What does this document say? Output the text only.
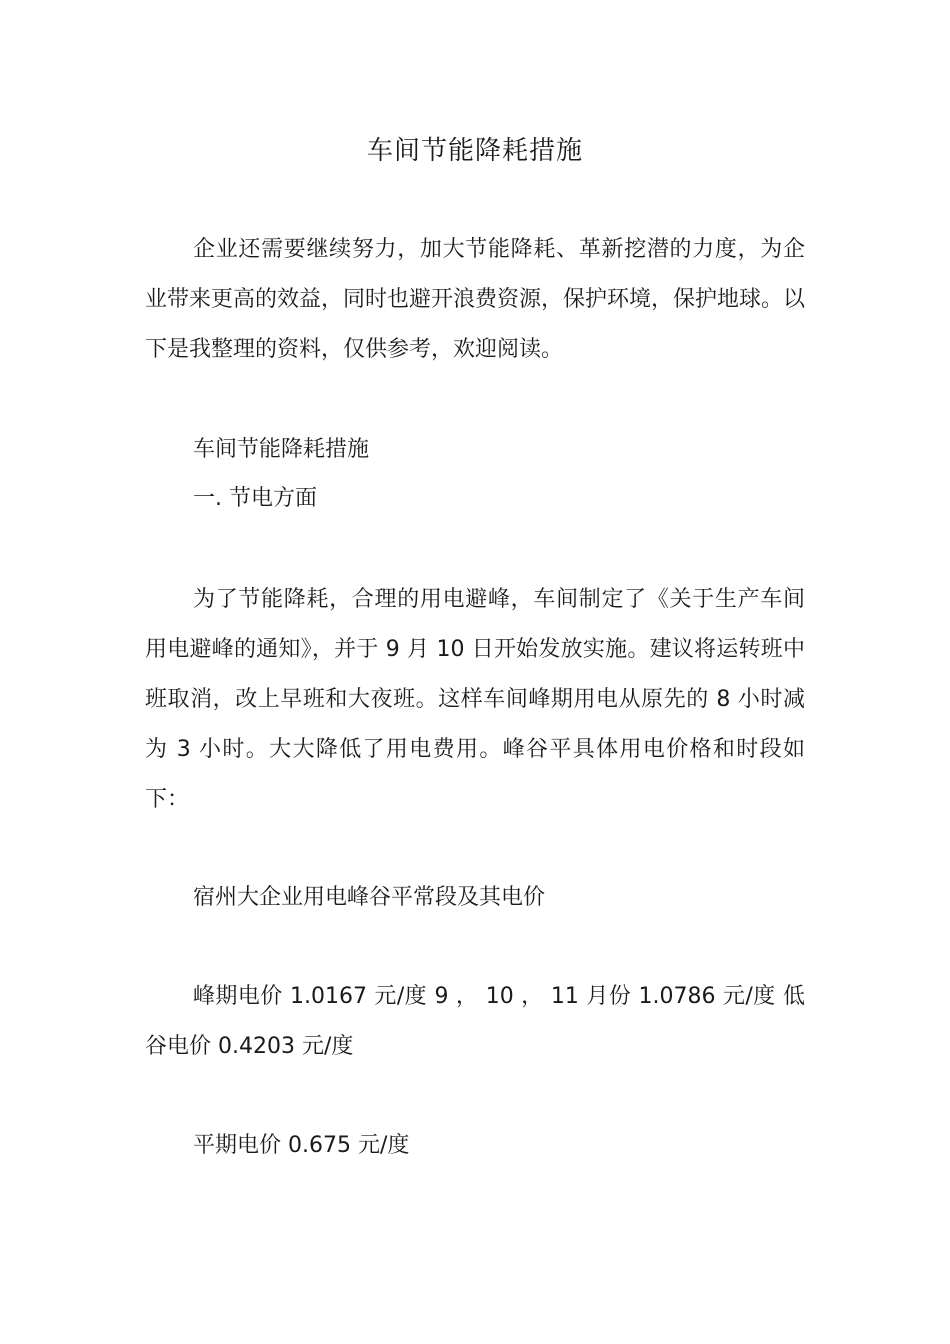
车间节能降耗措施

企业还需要继续努力，加大节能降耗、革新挖潜的力度，为企业带来更高的效益，同时也避开浪费资源，保护环境，保护地球。以下是我整理的资料，仅供参考，欢迎阅读。

车间节能降耗措施

一. 节电方面

为了节能降耗，合理的用电避峰，车间制定了《关于生产车间用电避峰的通知》，并于 9 月 10 日开始发放实施。建议将运转班中班取消，改上早班和大夜班。这样车间峰期用电从原先的 8 小时减为 3 小时。大大降低了用电费用。峰谷平具体用电价格和时段如下：

宿州大企业用电峰谷平常段及其电价

峰期电价 1.0167 元/度 9 ， 10 ， 11 月份 1.0786 元/度 低谷电价 0.4203 元/度

平期电价 0.675 元/度
